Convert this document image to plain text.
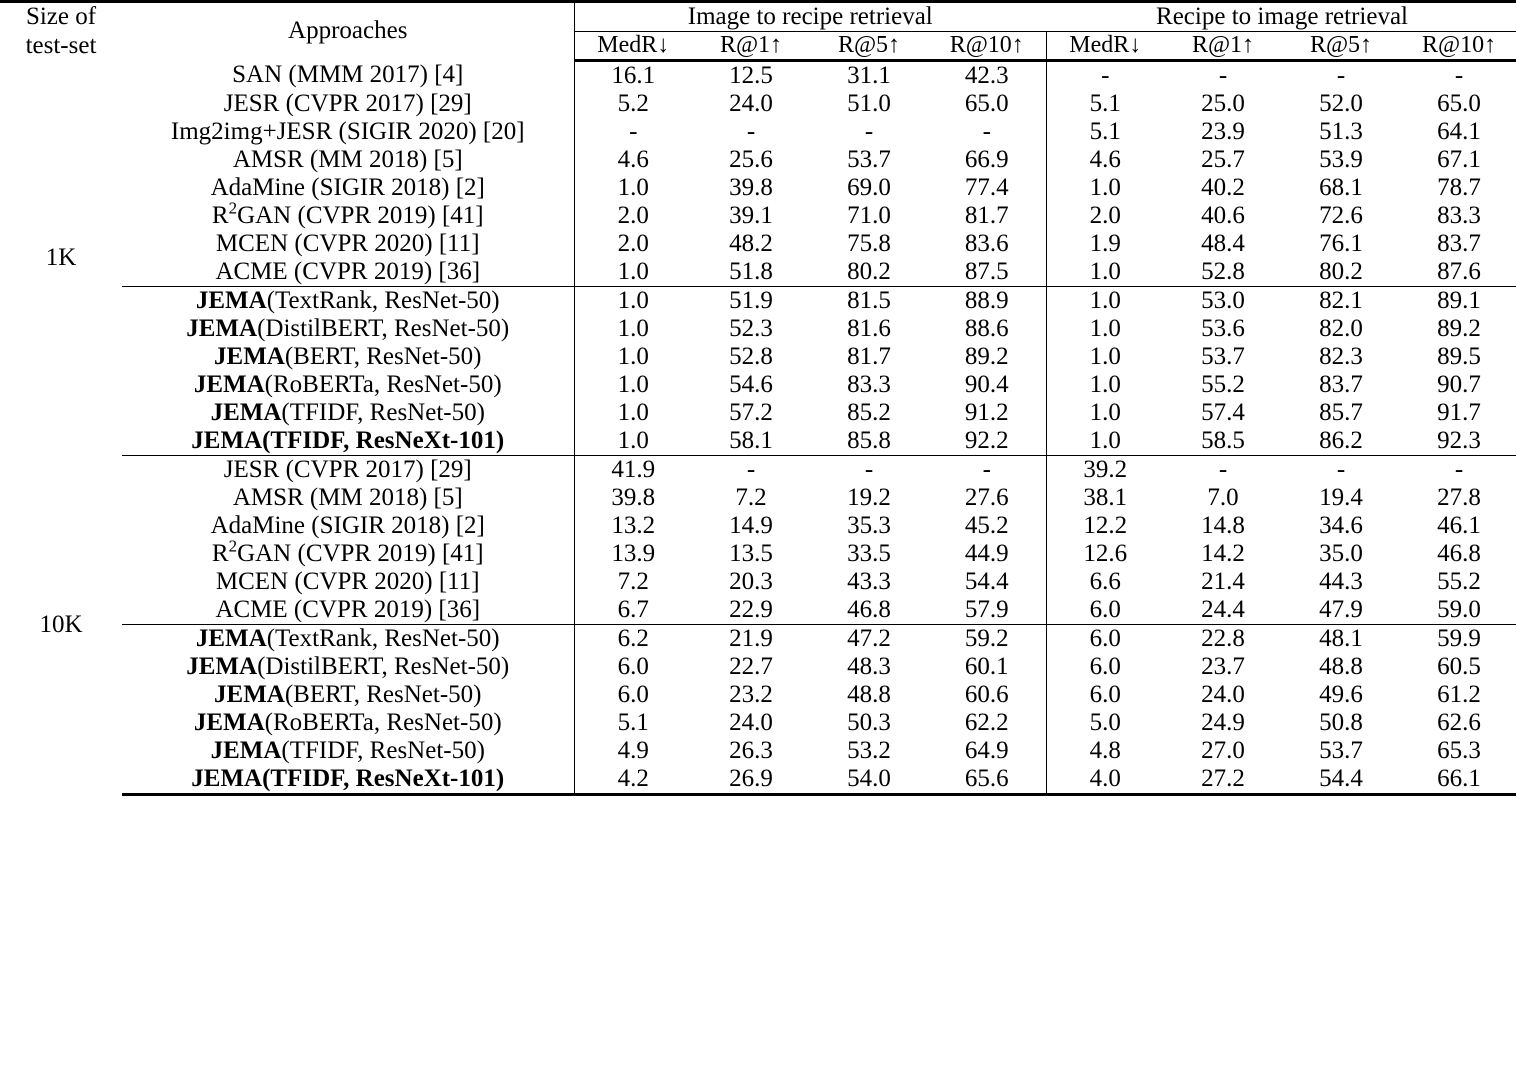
Size of
test-set	Approaches	Image to recipe retrieval				Recipe to image retrieval			
		MedR↓	R@1↑	R@5↑	R@10↑	MedR↓	R@1↑	R@5↑	R@10↑
1K	SAN (MMM 2017) [4]	16.1	12.5	31.1	42.3	-	-	-	-
	JESR (CVPR 2017) [29]	5.2	24.0	51.0	65.0	5.1	25.0	52.0	65.0
	Img2img+JESR (SIGIR 2020) [20]	-	-	-	-	5.1	23.9	51.3	64.1
	AMSR (MM 2018) [5]	4.6	25.6	53.7	66.9	4.6	25.7	53.9	67.1
	AdaMine (SIGIR 2018) [2]	1.0	39.8	69.0	77.4	1.0	40.2	68.1	78.7
	$R^2GAN$ (CVPR 2019) [41]	2.0	39.1	71.0	81.7	2.0	40.6	72.6	83.3
	MCEN (CVPR 2020) [11]	2.0	48.2	75.8	83.6	1.9	48.4	76.1	83.7
	ACME (CVPR 2019) [36]	1.0	51.8	80.2	87.5	1.0	52.8	80.2	87.6
	JEMA(TextRank, ResNet-50)	1.0	51.9	81.5	88.9	1.0	53.0	82.1	89.1
	JEMA(DistilBERT, ResNet-50)	1.0	52.3	81.6	88.6	1.0	53.6	82.0	89.2
	JEMA(BERT, ResNet-50)	1.0	52.8	81.7	89.2	1.0	53.7	82.3	89.5
	JEMA(RoBERTa, ResNet-50)	1.0	54.6	83.3	90.4	1.0	55.2	83.7	90.7
	JEMA(TFIDF, ResNet-50)	1.0	57.2	85.2	91.2	1.0	57.4	85.7	91.7
	JEMA(TFIDF, ResNeXt-101)	1.0	58.1	85.8	92.2	1.0	58.5	86.2	92.3
10K	JESR (CVPR 2017) [29]	41.9	-	-	-	39.2	-	-	-
	AMSR (MM 2018) [5]	39.8	7.2	19.2	27.6	38.1	7.0	19.4	27.8
	AdaMine (SIGIR 2018) [2]	13.2	14.9	35.3	45.2	12.2	14.8	34.6	46.1
	$R^2GAN$ (CVPR 2019) [41]	13.9	13.5	33.5	44.9	12.6	14.2	35.0	46.8
	MCEN (CVPR 2020) [11]	7.2	20.3	43.3	54.4	6.6	21.4	44.3	55.2
	ACME (CVPR 2019) [36]	6.7	22.9	46.8	57.9	6.0	24.4	47.9	59.0
	JEMA(TextRank, ResNet-50)	6.2	21.9	47.2	59.2	6.0	22.8	48.1	59.9
	JEMA(DistilBERT, ResNet-50)	6.0	22.7	48.3	60.1	6.0	23.7	48.8	60.5
	JEMA(BERT, ResNet-50)	6.0	23.2	48.8	60.6	6.0	24.0	49.6	61.2
	JEMA(RoBERTa, ResNet-50)	5.1	24.0	50.3	62.2	5.0	24.9	50.8	62.6
	JEMA(TFIDF, ResNet-50)	4.9	26.3	53.2	64.9	4.8	27.0	53.7	65.3
	JEMA(TFIDF, ResNeXt-101)	4.2	26.9	54.0	65.6	4.0	27.2	54.4	66.1
